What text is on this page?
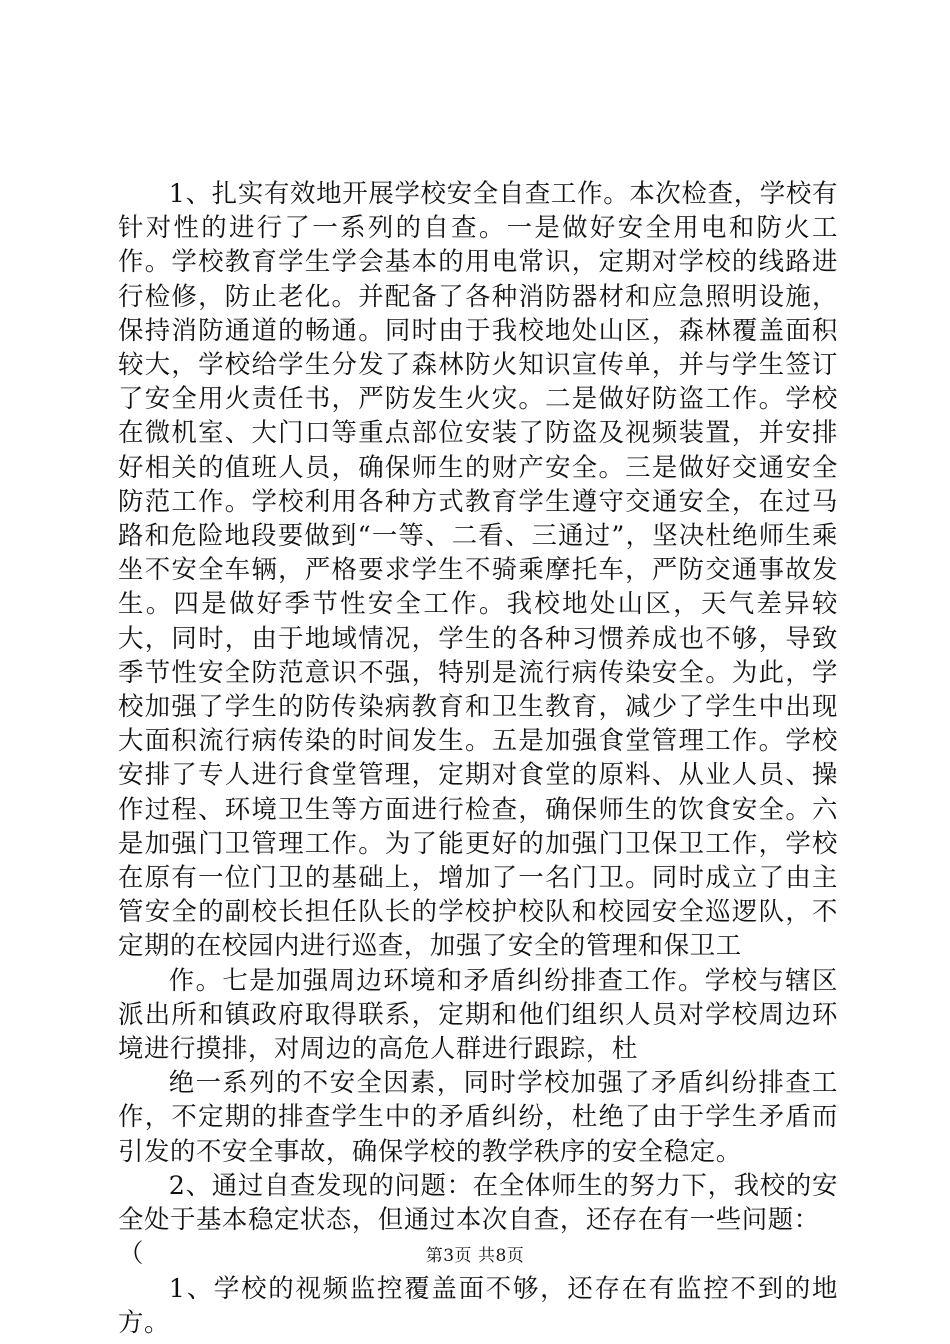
1、扎实有效地开展学校安全自查工作。本次检查，学校有针对性的进行了一系列的自查。一是做好安全用电和防火工作。学校教育学生学会基本的用电常识，定期对学校的线路进行检修，防止老化。并配备了各种消防器材和应急照明设施，保持消防通道的畅通。同时由于我校地处山区，森林覆盖面积较大，学校给学生分发了森林防火知识宣传单，并与学生签订了安全用火责任书，严防发生火灾。二是做好防盗工作。学校在微机室、大门口等重点部位安装了防盗及视频装置，并安排好相关的值班人员，确保师生的财产安全。三是做好交通安全防范工作。学校利用各种方式教育学生遵守交通安全，在过马路和危险地段要做到“一等、二看、三通过”，坚决杜绝师生乘坐不安全车辆，严格要求学生不骑乘摩托车，严防交通事故发生。四是做好季节性安全工作。我校地处山区，天气差异较大，同时，由于地域情况，学生的各种习惯养成也不够，导致季节性安全防范意识不强，特别是流行病传染安全。为此，学校加强了学生的防传染病教育和卫生教育，减少了学生中出现大面积流行病传染的时间发生。五是加强食堂管理工作。学校安排了专人进行食堂管理，定期对食堂的原料、从业人员、操作过程、环境卫生等方面进行检查，确保师生的饮食安全。六是加强门卫管理工作。为了能更好的加强门卫保卫工作，学校在原有一位门卫的基础上，增加了一名门卫。同时成立了由主管安全的副校长担任队长的学校护校队和校园安全巡逻队，不定期的在校园内进行巡查，加强了安全的管理和保卫工

作。七是加强周边环境和矛盾纠纷排查工作。学校与辖区派出所和镇政府取得联系，定期和他们组织人员对学校周边环境进行摸排，对周边的高危人群进行跟踪，杜

绝一系列的不安全因素，同时学校加强了矛盾纠纷排查工作，不定期的排查学生中的矛盾纠纷，杜绝了由于学生矛盾而引发的不安全事故，确保学校的教学秩序的安全稳定。

2、通过自查发现的问题：在全体师生的努力下，我校的安全处于基本稳定状态，但通过本次自查，还存在有一些问题：

（

1、学校的视频监控覆盖面不够，还存在有监控不到的地方。

第3页 共8页
